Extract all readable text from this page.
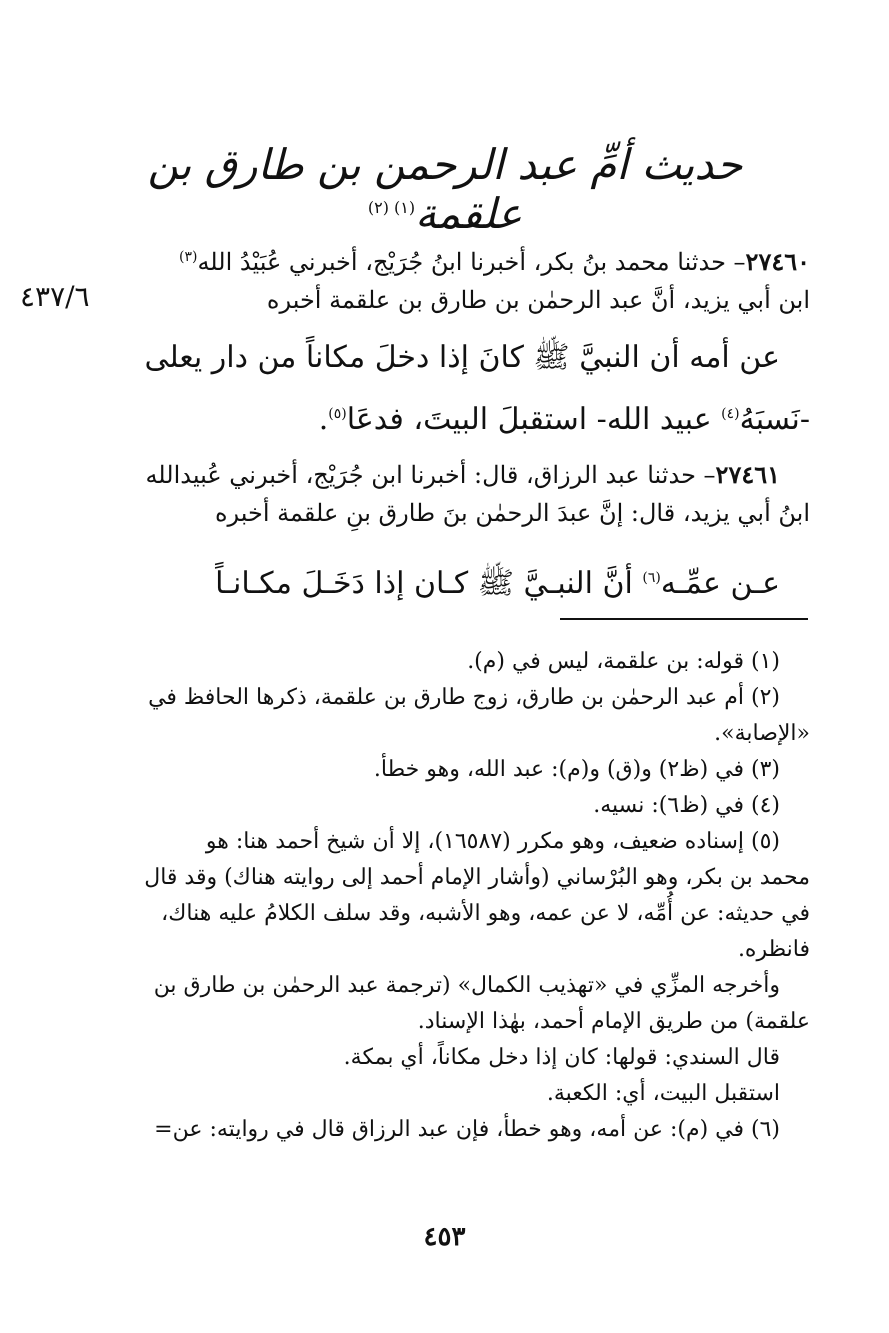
٤٣٧/٦
حديث أمِّ عبد الرحمن بن طارق بن علقمة$^{(١) (٢)}$
٢٧٤٦٠– حدثنا محمد بنُ بكر، أخبرنا ابنُ جُرَيْج، أخبرني عُبَيْدُ الله$^{(٣)}$
ابن أبي يزيد، أنَّ عبد الرحمٰن بن طارق بن علقمة أخبره
عن أمه أن النبيَّ ﷺ كانَ إذا دخلَ مكاناً من دار يعلى
-نَسبَهُ$^{(٤)}$ عبيد الله- استقبلَ البيتَ، فدعَا$^{(٥)}$.
٢٧٤٦١– حدثنا عبد الرزاق، قال: أخبرنا ابن جُرَيْج، أخبرني عُبيدالله
ابنُ أبي يزيد، قال: إنَّ عبدَ الرحمٰن بنَ طارق بنِ علقمة أخبره
عـن عمِّـه$^{(٦)}$ أنَّ النبـيَّ ﷺ كـان إذا دَخَـلَ مكـانـاً
(١) قوله: بن علقمة، ليس في (م).
(٢) أم عبد الرحمٰن بن طارق، زوج طارق بن علقمة، ذكرها الحافظ في
«الإصابة».
(٣) في (ظ٢) و(ق) و(م): عبد الله، وهو خطأ.
(٤) في (ظ٦): نسيه.
(٥) إسناده ضعيف، وهو مكرر (١٦٥٨٧)، إلا أن شيخ أحمد هنا: هو
محمد بن بكر، وهو البُرْساني (وأشار الإمام أحمد إلى روايته هناك) وقد قال
في حديثه: عن أُمِّه، لا عن عمه، وهو الأشبه، وقد سلف الكلامُ عليه هناك،
فانظره.
وأخرجه المزِّي في «تهذيب الكمال» (ترجمة عبد الرحمٰن بن طارق بن
علقمة) من طريق الإمام أحمد، بهٰذا الإسناد.
قال السندي: قولها: كان إذا دخل مكاناً، أي بمكة.
استقبل البيت، أي: الكعبة.
(٦) في (م): عن أمه، وهو خطأ، فإن عبد الرزاق قال في روايته: عن=
٤٥٣
